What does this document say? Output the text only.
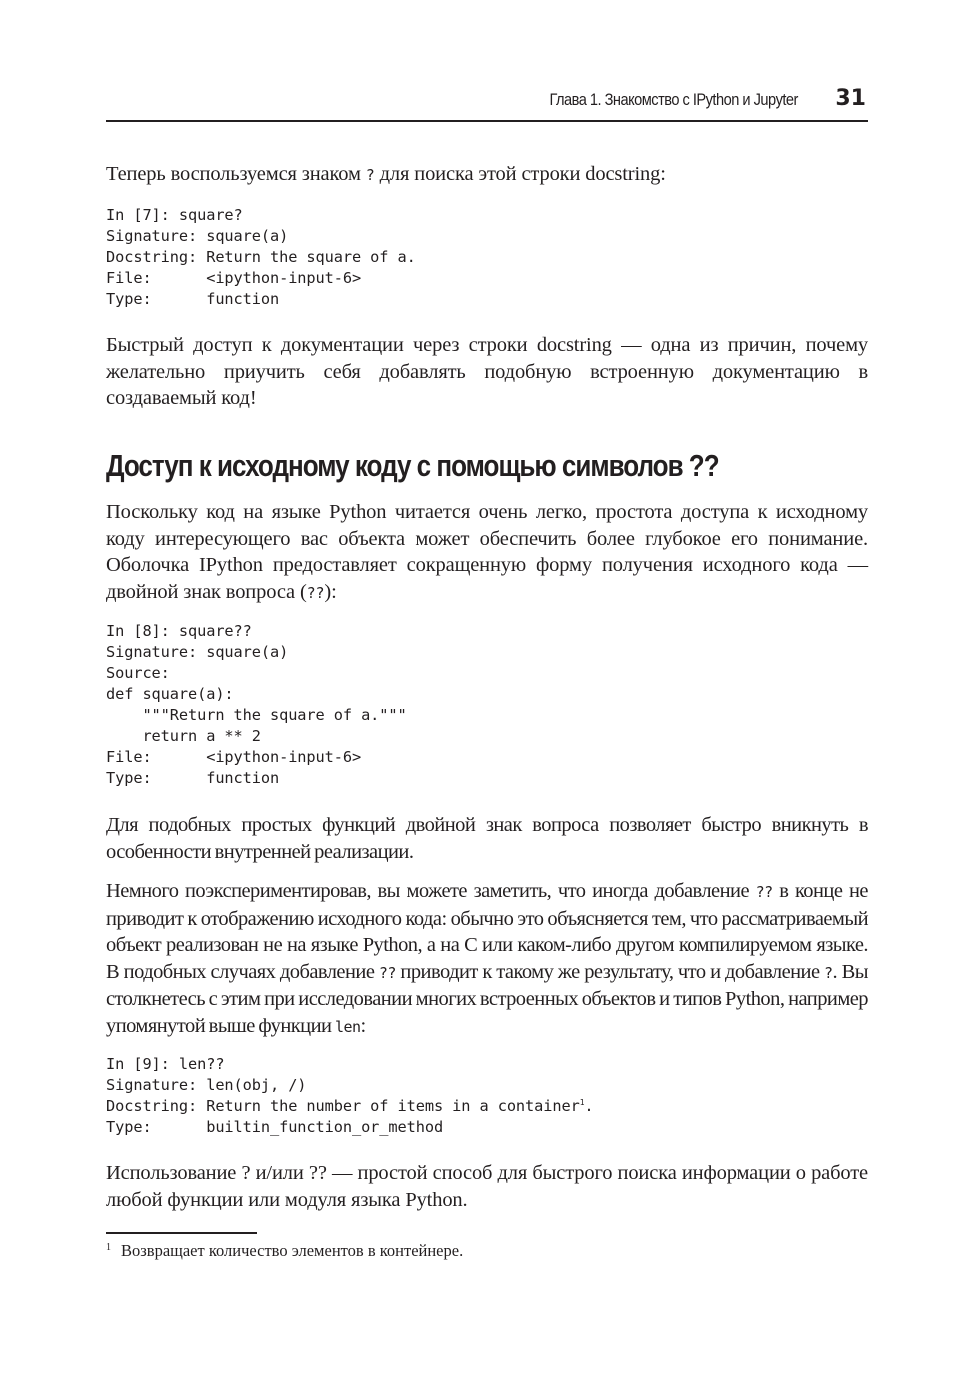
Глава 1. Знакомство с IPython и Jupyter 31

Теперь воспользуемся знаком ? для поиска этой строки docstring:

In [7]: square?
Signature: square(a)
Docstring: Return the square of a.
File:      <ipython-input-6>
Type:      function

Быстрый доступ к документации через строки docstring — одна из причин, почему желательно приучить себя добавлять подобную встроенную документацию в создаваемый код!

Доступ к исходному коду с помощью символов ??

Поскольку код на языке Python читается очень легко, простота доступа к исходному коду интересующего вас объекта может обеспечить более глубокое его понимание. Оболочка IPython предоставляет сокращенную форму получения исходного кода — двойной знак вопроса (??):

In [8]: square??
Signature: square(a)
Source:
def square(a):
"""Return the square of a."""
return a ** 2
File:      <ipython-input-6>
Type:      function

Для подобных простых функций двойной знак вопроса позволяет быстро вникнуть в особенности внутренней реализации.

Немного поэкспериментировав, вы можете заметить, что иногда добавление ?? в конце не приводит к отображению исходного кода: обычно это объясняется тем, что рассматриваемый объект реализован не на языке Python, а на C или каком-либо другом компилируемом языке. В подобных случаях добавление ?? приводит к такому же результату, что и добавление ?. Вы столкнетесь с этим при исследовании многих встроенных объектов и типов Python, например упомянутой выше функции len:

In [9]: len??
Signature: len(obj, /)
Docstring: Return the number of items in a container$^1$.
Type:      builtin_function_or_method

Использование ? и/или ?? — простой способ для быстрого поиска информации о работе любой функции или модуля языка Python.

$^1$ Возвращает количество элементов в контейнере.
